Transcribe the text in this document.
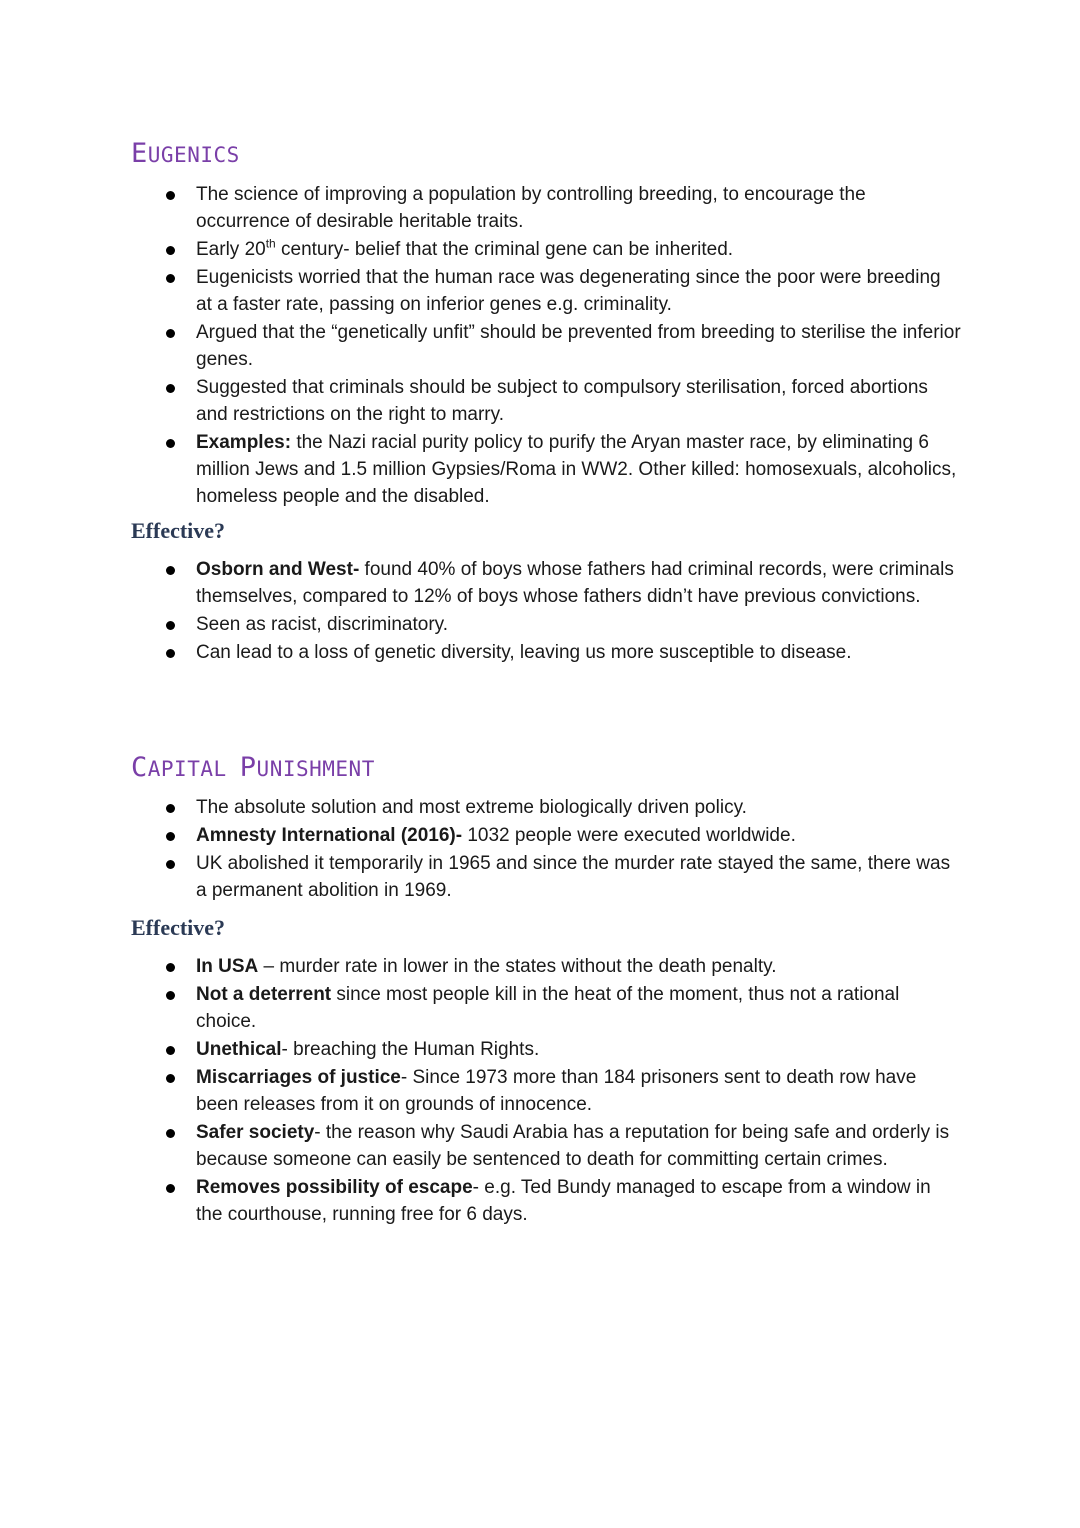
EUGENICS
The science of improving a population by controlling breeding, to encourage the occurrence of desirable heritable traits.
Early 20th century- belief that the criminal gene can be inherited.
Eugenicists worried that the human race was degenerating since the poor were breeding at a faster rate, passing on inferior genes e.g. criminality.
Argued that the “genetically unfit” should be prevented from breeding to sterilise the inferior genes.
Suggested that criminals should be subject to compulsory sterilisation, forced abortions and restrictions on the right to marry.
Examples: the Nazi racial purity policy to purify the Aryan master race, by eliminating 6 million Jews and 1.5 million Gypsies/Roma in WW2. Other killed: homosexuals, alcoholics, homeless people and the disabled.
Effective?
Osborn and West- found 40% of boys whose fathers had criminal records, were criminals themselves, compared to 12% of boys whose fathers didn’t have previous convictions.
Seen as racist, discriminatory.
Can lead to a loss of genetic diversity, leaving us more susceptible to disease.
CAPITAL PUNISHMENT
The absolute solution and most extreme biologically driven policy.
Amnesty International (2016)- 1032 people were executed worldwide.
UK abolished it temporarily in 1965 and since the murder rate stayed the same, there was a permanent abolition in 1969.
Effective?
In USA – murder rate in lower in the states without the death penalty.
Not a deterrent since most people kill in the heat of the moment, thus not a rational choice.
Unethical- breaching the Human Rights.
Miscarriages of justice- Since 1973 more than 184 prisoners sent to death row have been releases from it on grounds of innocence.
Safer society- the reason why Saudi Arabia has a reputation for being safe and orderly is because someone can easily be sentenced to death for committing certain crimes.
Removes possibility of escape- e.g. Ted Bundy managed to escape from a window in the courthouse, running free for 6 days.
